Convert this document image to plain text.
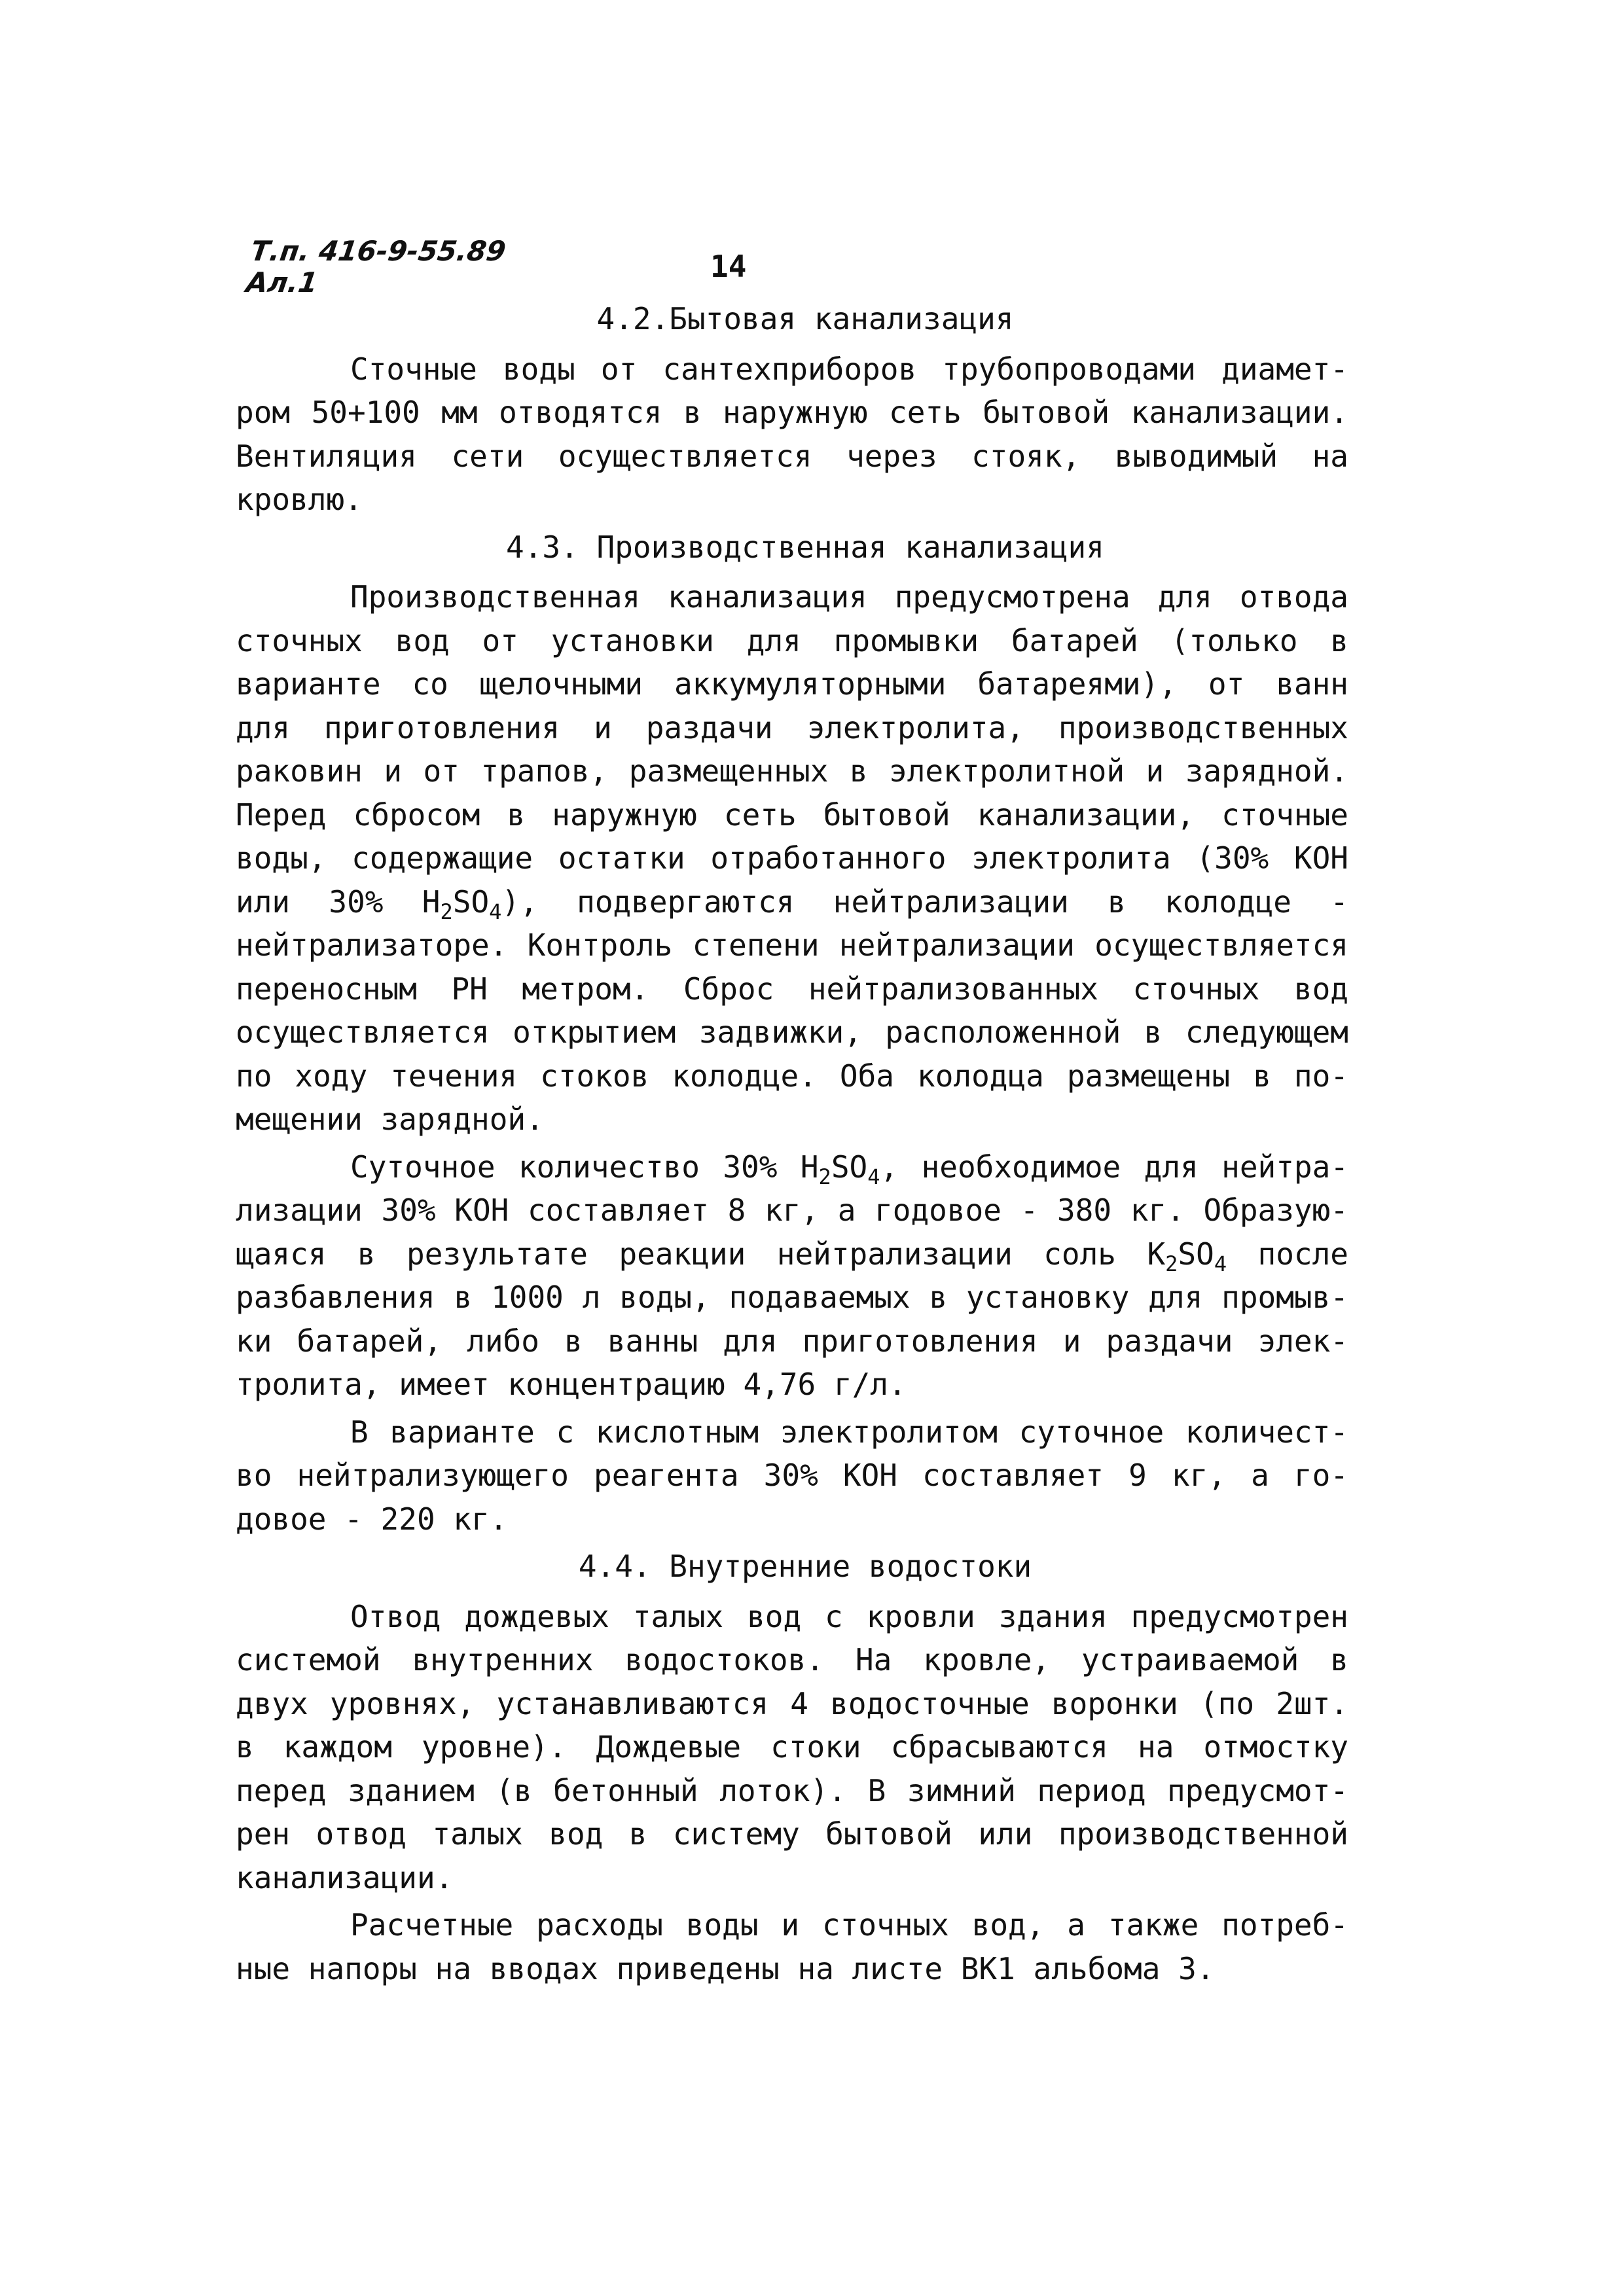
Т.п. 416-9-55.89
Ал.1	14
4.2.Бытовая канализация
Сточные воды от сантехприборов трубопроводами диамет-
ром 50+100 мм отводятся в наружную сеть бытовой канализации.
Вентиляция сети осуществляется через стояк, выводимый на
кровлю.
4.3. Производственная канализация
Производственная канализация предусмотрена для отвода
сточных вод от установки для промывки батарей (только в
варианте со щелочными аккумуляторными батареями), от ванн
для приготовления и раздачи электролита, производственных
раковин и от трапов, размещенных в электролитной и зарядной.
Перед сбросом в наружную сеть бытовой канализации, сточные
воды, содержащие остатки отработанного электролита (30% КОН
или 30% $H_2SO_4$), подвергаются нейтрализации в колодце -
нейтрализаторе. Контроль степени нейтрализации осуществляется
переносным РН метром. Сброс нейтрализованных сточных вод
осуществляется открытием задвижки, расположенной в следующем
по ходу течения стоков колодце. Оба колодца размещены в по-
мещении зарядной.
Суточное количество 30% $H_2SO_4$, необходимое для нейтра-
лизации 30% КОН составляет 8 кг, а годовое - 380 кг. Образую-
щаяся в результате реакции нейтрализации соль $K_2SO_4$ после
разбавления в 1000 л воды, подаваемых в установку для промыв-
ки батарей, либо в ванны для приготовления и раздачи элек-
тролита, имеет концентрацию 4,76 г/л.
В варианте с кислотным электролитом суточное количест-
во нейтрализующего реагента 30% КОН составляет 9 кг, а го-
довое - 220 кг.
4.4. Внутренние водостоки
Отвод дождевых талых вод с кровли здания предусмотрен
системой внутренних водостоков. На кровле, устраиваемой в
двух уровнях, устанавливаются 4 водосточные воронки (по 2шт.
в каждом уровне). Дождевые стоки сбрасываются на отмостку
перед зданием (в бетонный лоток). В зимний период предусмот-
рен отвод талых вод в систему бытовой или производственной
канализации.
Расчетные расходы воды и сточных вод, а также потреб-
ные напоры на вводах приведены на листе ВК1 альбома 3.
